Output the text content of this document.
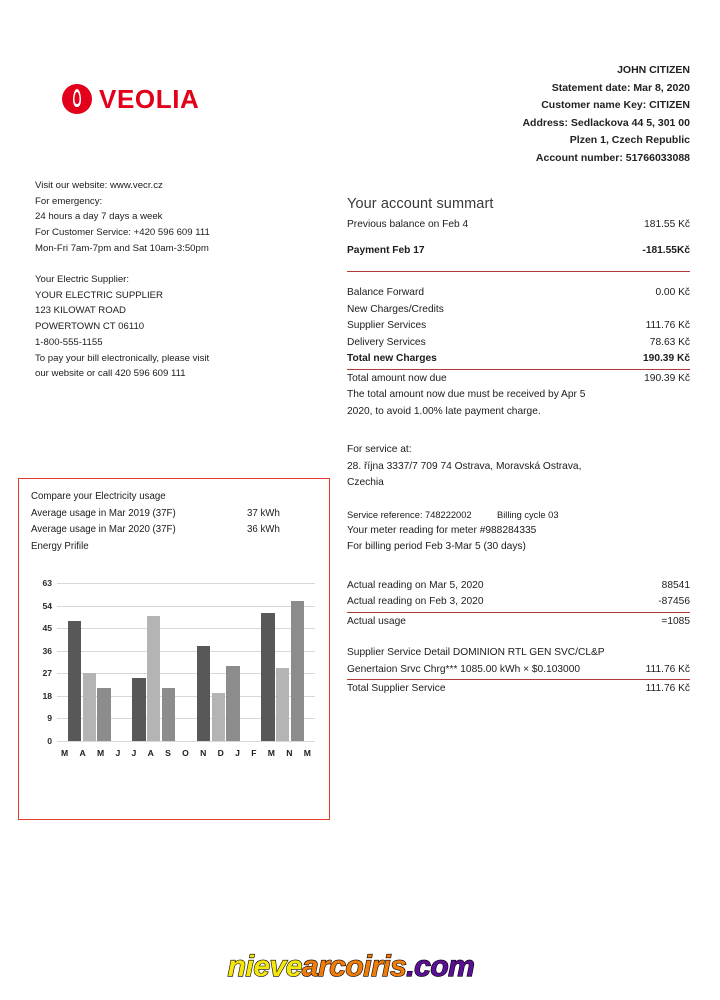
VEOLIA
JOHN CITIZEN
Statement date: Mar 8, 2020
Customer name Key: CITIZEN
Address: Sedlackova 44 5, 301 00
Plzen 1, Czech Republic
Account number: 51766033088
Visit our website: www.vecr.cz
For emergency:
24 hours a day 7 days a week
For Customer Service: +420 596 609 111
Mon-Fri 7am-7pm and Sat 10am-3:50pm
Your Electric Supplier:
YOUR ELECTRIC SUPPLIER
123 KILOWAT ROAD
POWERTOWN CT 06110
1-800-555-1155
To pay your bill electronically, please visit
our website or call 420 596 609 111
Your account summart
Previous balance on Feb 4	181.55 Kč
Payment Feb 17	-181.55Kč
Balance Forward	0.00 Kč
New Charges/Credits
Supplier Services	111.76 Kč
Delivery Services	78.63 Kč
Total new Charges	190.39 Kč
Total amount now due	190.39 Kč
The total amount now due must be received by Apr 5
2020, to avoid 1.00% late payment charge.
For service at:
28. října 3337/7 709 74 Ostrava, Moravská Ostrava,
Czechia
Service reference: 748222002	Billing cycle 03
Your meter reading for meter #988284335
For billing period Feb 3-Mar 5 (30 days)
Actual reading on Mar 5, 2020	88541
Actual reading on Feb 3, 2020	-87456
Actual usage	=1085
Supplier Service Detail DOMINION RTL GEN SVC/CL&P
Genertaion Srvc Chrg*** 1085.00 kWh × $0.103000	111.76 Kč
Total Supplier Service	111.76 Kč
Compare your Electricity usage
Average usage in Mar 2019 (37F)	37 kWh
Average usage in Mar 2020 (37F)	36 kWh
Energy Prifile
0
9
18
27
36
45
54
63
M A M J J A S O N D J F M N M
nievearcoiris.com
